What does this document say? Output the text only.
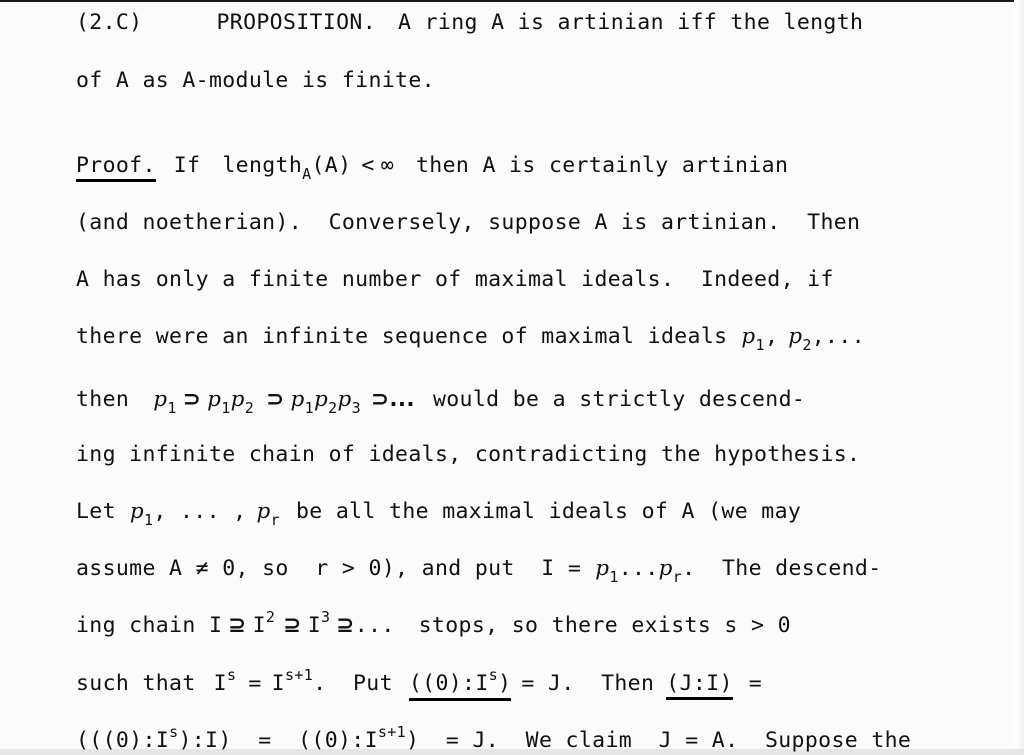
(2.C)	PROPOSITION. A ring A is artinian iff the length
of A as A-module is finite.
Proof. If length$_A$(A) < ∞ then A is certainly artinian
(and noetherian).  Conversely, suppose A is artinian.  Then
A has only a finite number of maximal ideals.  Indeed, if
there were an infinite sequence of maximal ideals $p_1$, $p_2$,...
then $p_1$ ⊃ $p_1p_2$ ⊃ $p_1p_2p_3$ ⊃... would be a strictly descend-
ing infinite chain of ideals, contradicting the hypothesis.
Let $p_1$, ... , $p_r$ be all the maximal ideals of A (we may
assume A ≠ 0, so  r > 0), and put  $I = p_1...p_r$.  The descend-
ing chain I ⊇ $I^2$ ⊇ $I^3$ ⊇... stops, so there exists s > 0
such that $I^s = I^{s+1}$.  Put $((0):I^s) = J$.  Then (J:I) =
$(((0):I^s):I)$  =  $((0):I^{s+1}) = J$.  We claim  J = A.  Suppose the
